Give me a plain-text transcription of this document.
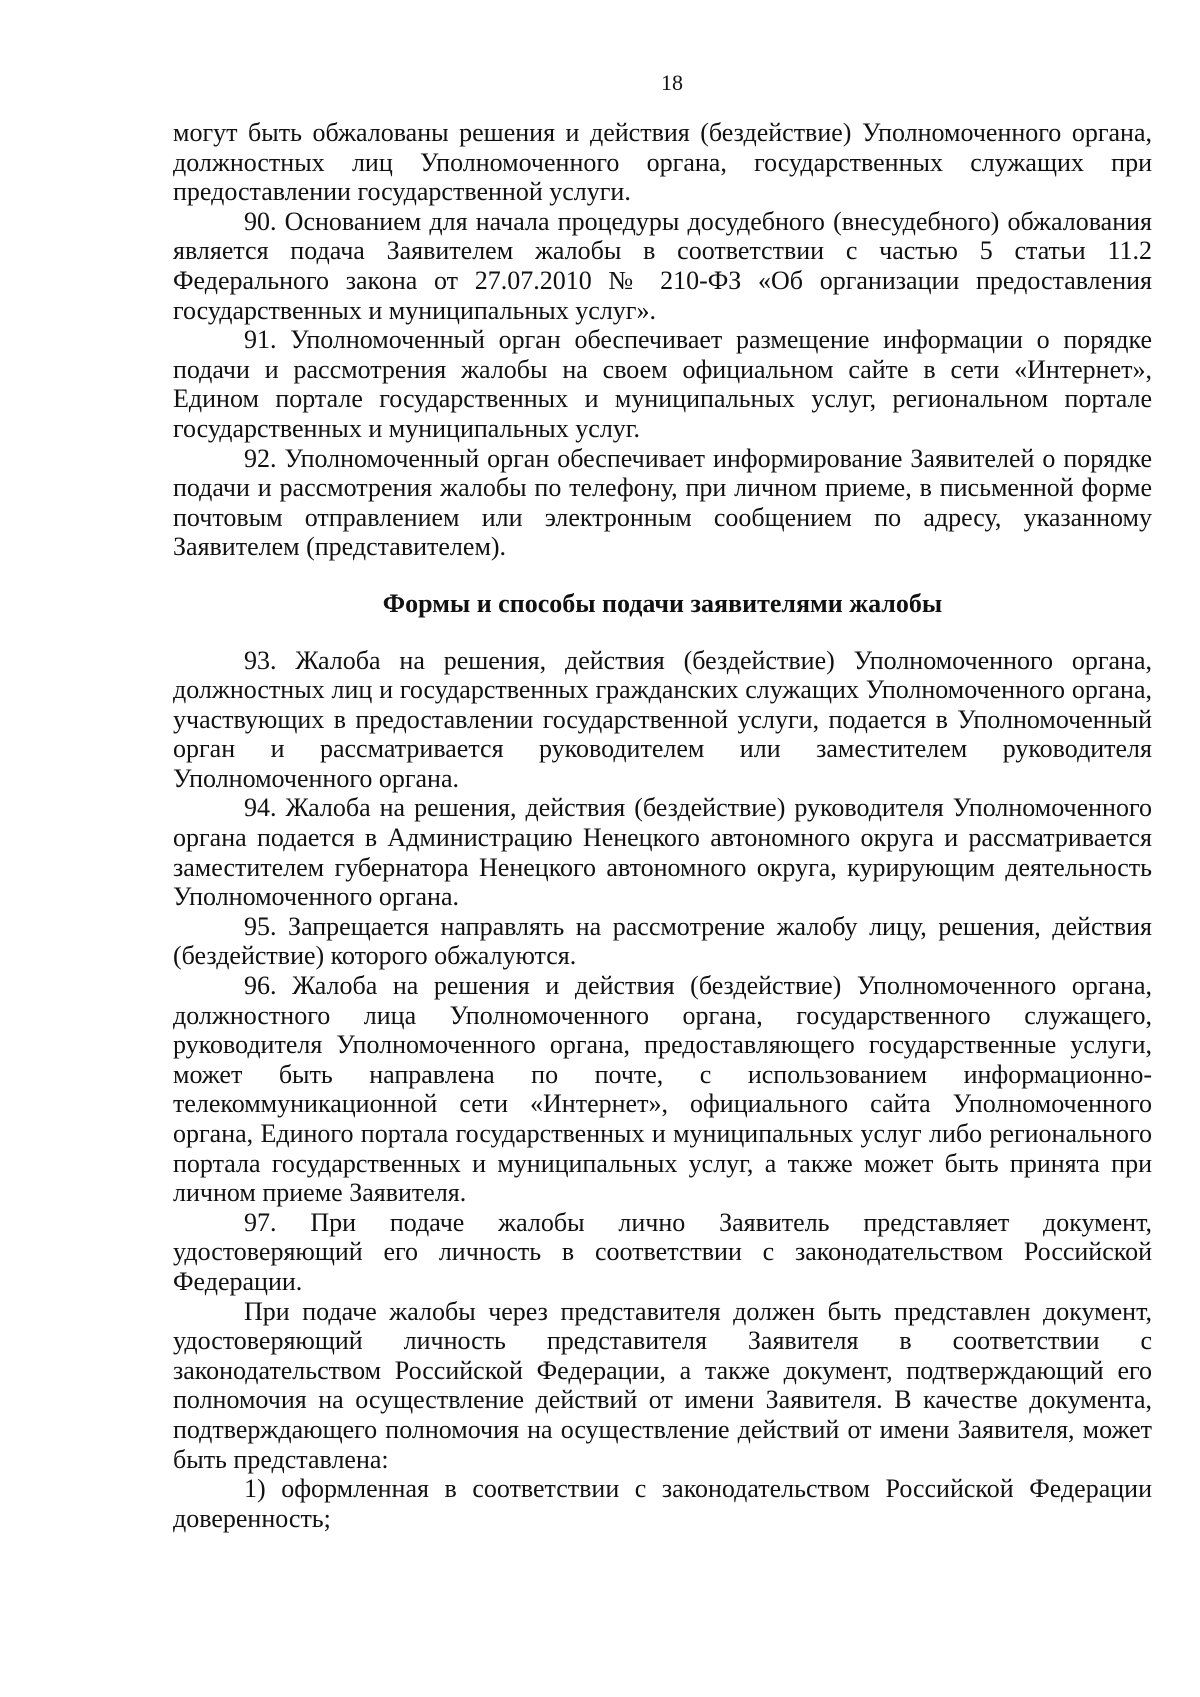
18

могут быть обжалованы решения и действия (бездействие) Уполномоченного органа, должностных лиц Уполномоченного органа, государственных служащих при предоставлении государственной услуги.

90. Основанием для начала процедуры досудебного (внесудебного) обжалования является подача Заявителем жалобы в соответствии с частью 5 статьи 11.2 Федерального закона от 27.07.2010 № 210-ФЗ «Об организации предоставления государственных и муниципальных услуг».

91. Уполномоченный орган обеспечивает размещение информации о порядке подачи и рассмотрения жалобы на своем официальном сайте в сети «Интернет», Едином портале государственных и муниципальных услуг, региональном портале государственных и муниципальных услуг.

92. Уполномоченный орган обеспечивает информирование Заявителей о порядке подачи и рассмотрения жалобы по телефону, при личном приеме, в письменной форме почтовым отправлением или электронным сообщением по адресу, указанному Заявителем (представителем).

Формы и способы подачи заявителями жалобы

93. Жалоба на решения, действия (бездействие) Уполномоченного органа, должностных лиц и государственных гражданских служащих Уполномоченного органа, участвующих в предоставлении государственной услуги, подается в Уполномоченный орган и рассматривается руководителем или заместителем руководителя Уполномоченного органа.

94. Жалоба на решения, действия (бездействие) руководителя Уполномоченного органа подается в Администрацию Ненецкого автономного округа и рассматривается заместителем губернатора Ненецкого автономного округа, курирующим деятельность Уполномоченного органа.

95. Запрещается направлять на рассмотрение жалобу лицу, решения, действия (бездействие) которого обжалуются.

96. Жалоба на решения и действия (бездействие) Уполномоченного органа, должностного лица Уполномоченного органа, государственного служащего, руководителя Уполномоченного органа, предоставляющего государственные услуги, может быть направлена по почте, с использованием информационно-телекоммуникационной сети «Интернет», официального сайта Уполномоченного органа, Единого портала государственных и муниципальных услуг либо регионального портала государственных и муниципальных услуг, а также может быть принята при личном приеме Заявителя.

97. При подаче жалобы лично Заявитель представляет документ, удостоверяющий его личность в соответствии с законодательством Российской Федерации.

При подаче жалобы через представителя должен быть представлен документ, удостоверяющий личность представителя Заявителя в соответствии с законодательством Российской Федерации, а также документ, подтверждающий его полномочия на осуществление действий от имени Заявителя. В качестве документа, подтверждающего полномочия на осуществление действий от имени Заявителя, может быть представлена:

1) оформленная в соответствии с законодательством Российской Федерации доверенность;
